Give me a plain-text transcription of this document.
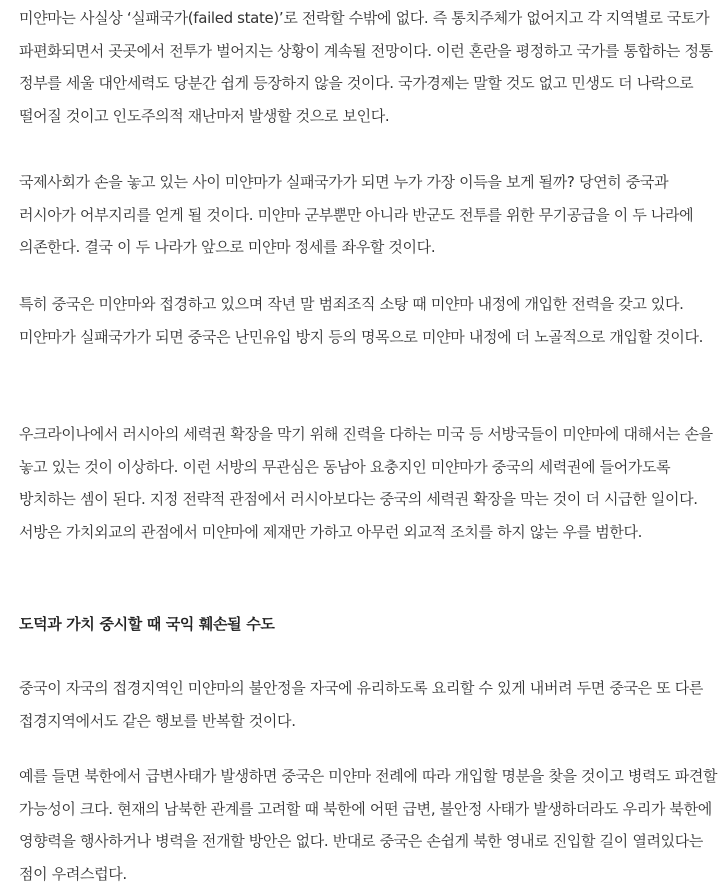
미얀마는 사실상 ‘실패국가(failed state)’로 전락할 수밖에 없다. 즉 통치주체가 없어지고 각 지역별로 국토가 파편화되면서 곳곳에서 전투가 벌어지는 상황이 계속될 전망이다. 이런 혼란을 평정하고 국가를 통합하는 정통 정부를 세울 대안세력도 당분간 쉽게 등장하지 않을 것이다. 국가경제는 말할 것도 없고 민생도 더 나락으로 떨어질 것이고 인도주의적 재난마저 발생할 것으로 보인다.

국제사회가 손을 놓고 있는 사이 미얀마가 실패국가가 되면 누가 가장 이득을 보게 될까? 당연히 중국과 러시아가 어부지리를 얻게 될 것이다. 미얀마 군부뿐만 아니라 반군도 전투를 위한 무기공급을 이 두 나라에 의존한다. 결국 이 두 나라가 앞으로 미얀마 정세를 좌우할 것이다.

특히 중국은 미얀마와 접경하고 있으며 작년 말 범죄조직 소탕 때 미얀마 내정에 개입한 전력을 갖고 있다. 미얀마가 실패국가가 되면 중국은 난민유입 방지 등의 명목으로 미얀마 내정에 더 노골적으로 개입할 것이다.

우크라이나에서 러시아의 세력권 확장을 막기 위해 진력을 다하는 미국 등 서방국들이 미얀마에 대해서는 손을 놓고 있는 것이 이상하다. 이런 서방의 무관심은 동남아 요충지인 미얀마가 중국의 세력권에 들어가도록 방치하는 셈이 된다. 지정 전략적 관점에서 러시아보다는 중국의 세력권 확장을 막는 것이 더 시급한 일이다. 서방은 가치외교의 관점에서 미얀마에 제재만 가하고 아무런 외교적 조치를 하지 않는 우를 범한다.

도덕과 가치 중시할 때 국익 훼손될 수도

중국이 자국의 접경지역인 미얀마의 불안정을 자국에 유리하도록 요리할 수 있게 내버려 두면 중국은 또 다른 접경지역에서도 같은 행보를 반복할 것이다.

예를 들면 북한에서 급변사태가 발생하면 중국은 미얀마 전례에 따라 개입할 명분을 찾을 것이고 병력도 파견할 가능성이 크다. 현재의 남북한 관계를 고려할 때 북한에 어떤 급변, 불안정 사태가 발생하더라도 우리가 북한에 영향력을 행사하거나 병력을 전개할 방안은 없다. 반대로 중국은 손쉽게 북한 영내로 진입할 길이 열려있다는 점이 우려스럽다.
